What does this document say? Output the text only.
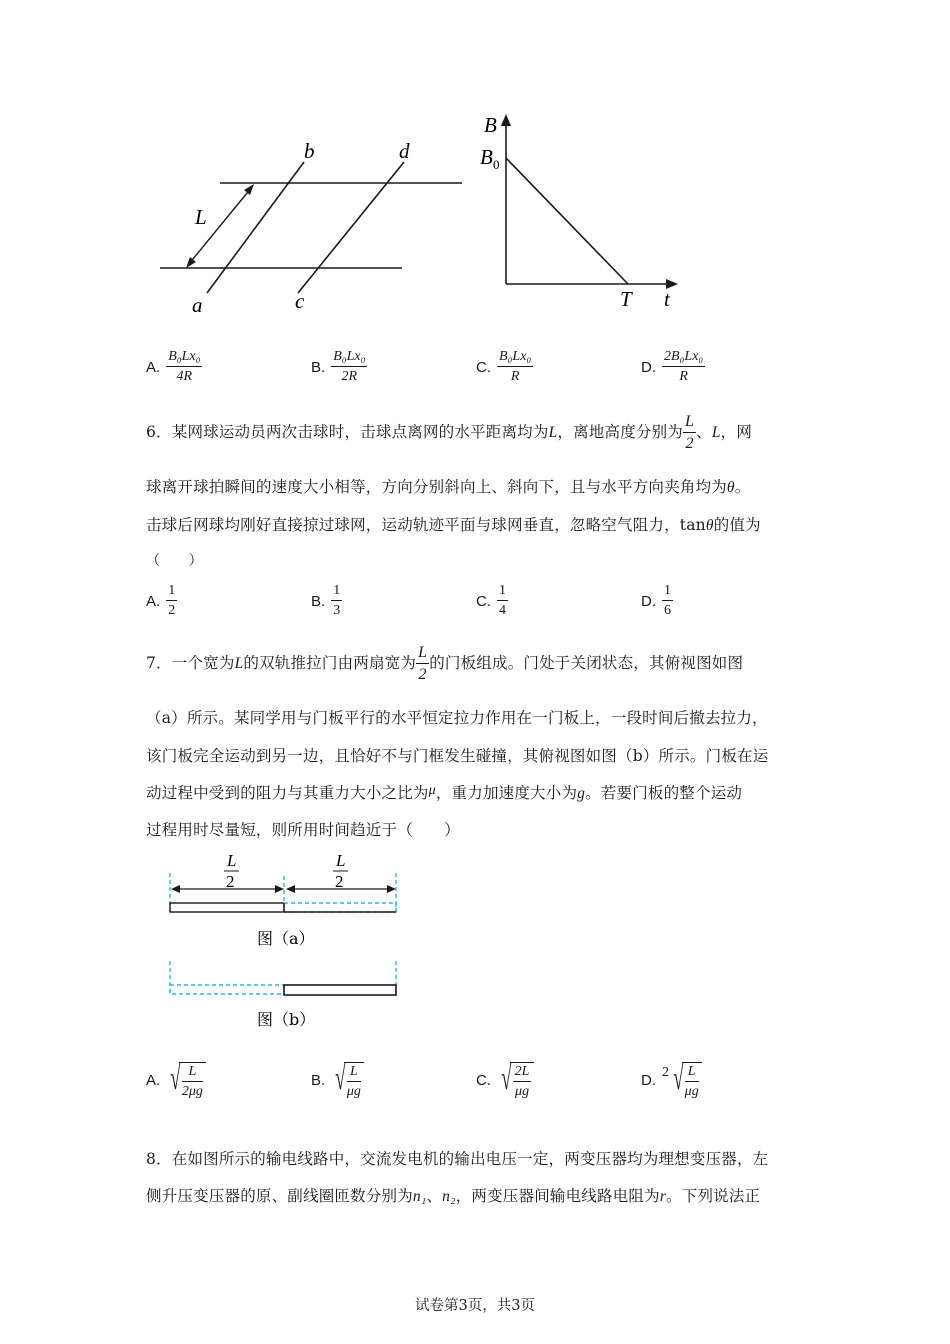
L
a
b
c
d
B
B 0
T t
A. $\frac{\text{B₀Lx₀}}{4R}$	B. $\frac{\text{B₀Lx₀}}{2R}$	C. $\frac{\text{B₀Lx₀}}{R}$	D. $\frac{\text{2B₀Lx₀}}{R}$
6．某网球运动员两次击球时，击球点离网的水平距离均为L，离地高度分别为 $\frac{L}{2}$ 、L，网
球离开球拍瞬间的速度大小相等，方向分别斜向上、斜向下，且与水平方向夹角均为θ。
击球后网球均刚好直接掠过球网，运动轨迹平面与球网垂直，忽略空气阻力，tanθ的值为
（　　）
A. $\frac{1}{2}$	B. $\frac{1}{3}$	C. $\frac{1}{4}$	D. $\frac{1}{6}$
7．一个宽为L的双轨推拉门由两扇宽为 $\frac{L}{2}$ 的门板组成。门处于关闭状态，其俯视图如图
（a）所示。某同学用与门板平行的水平恒定拉力作用在一门板上，一段时间后撤去拉力，
该门板完全运动到另一边，且恰好不与门框发生碰撞，其俯视图如图（b）所示。门板在运
动过程中受到的阻力与其重力大小之比为μ，重力加速度大小为g。若要门板的整个运动
过程用时尽量短，则所用时间趋近于（　　）
L
2
L
2
图（a）
图（b）
A. √ $\frac{L}{2\mu g}$	B. √ $\frac{L}{\mu g}$	C. √ $\frac{2L}{\mu g}$	D. 2 √ $\frac{L}{\mu g}$
8．在如图所示的输电线路中，交流发电机的输出电压一定，两变压器均为理想变压器，左
侧升压变压器的原、副线圈匝数分别为n₁、n₂，两变压器间输电线路电阻为r。下列说法正
试卷第3页，共3页
